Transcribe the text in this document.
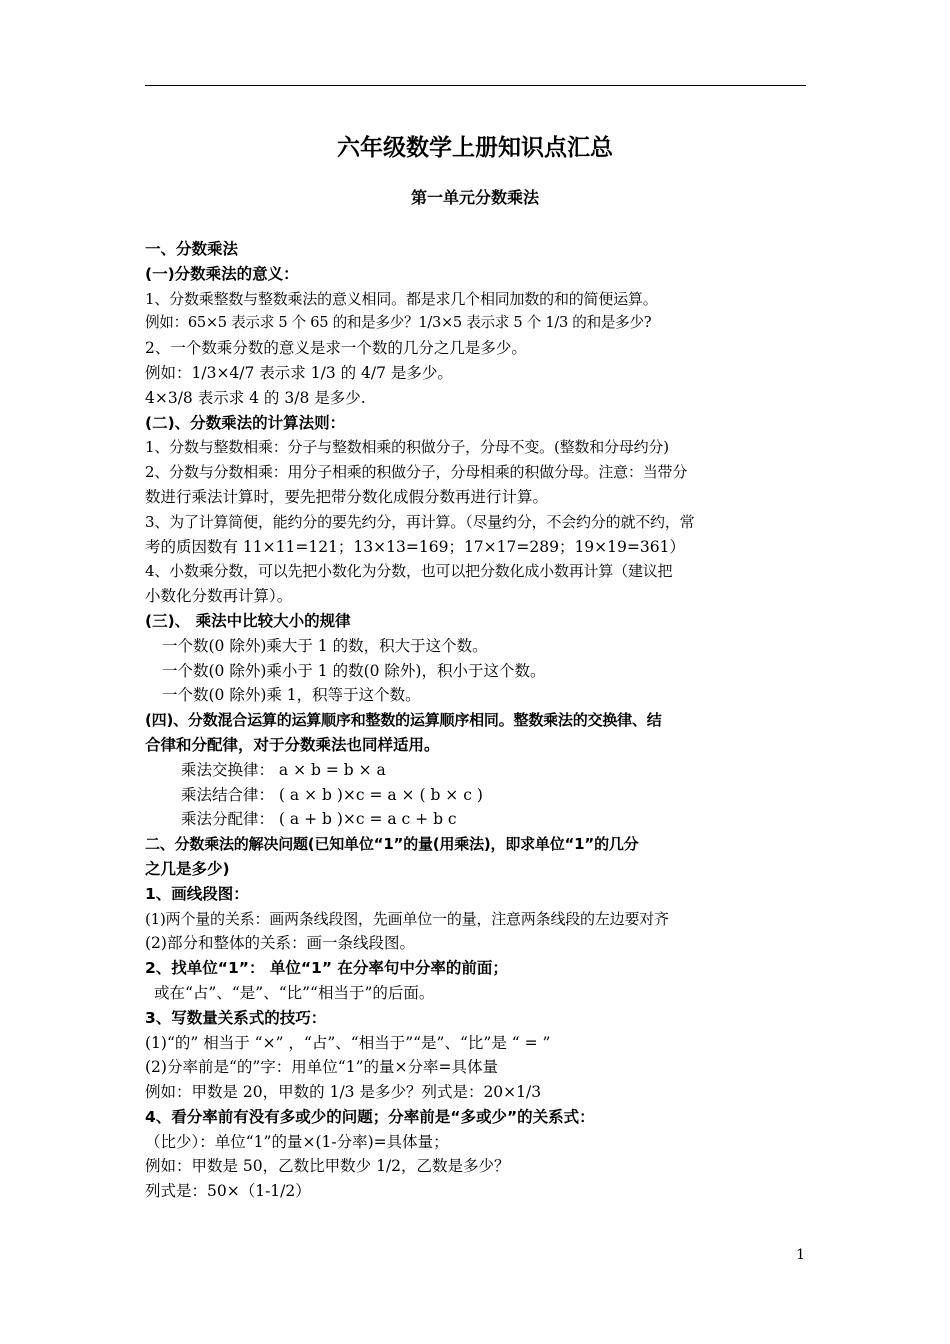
六年级数学上册知识点汇总
第一单元分数乘法
一、分数乘法
(一)分数乘法的意义：
1、分数乘整数与整数乘法的意义相同。都是求几个相同加数的和的简便运算。
例如：65×5 表示求 5 个 65 的和是多少？1/3×5 表示求 5 个 1/3 的和是多少?
2、一个数乘分数的意义是求一个数的几分之几是多少。
例如：1/3×4/7 表示求 1/3 的 4/7 是多少。
4×3/8 表示求 4 的 3/8 是多少.
(二)、分数乘法的计算法则：
1、分数与整数相乘：分子与整数相乘的积做分子，分母不变。(整数和分母约分)
2、分数与分数相乘：用分子相乘的积做分子，分母相乘的积做分母。注意：当带分
数进行乘法计算时，要先把带分数化成假分数再进行计算。
3、为了计算简便，能约分的要先约分，再计算。（尽量约分，不会约分的就不约，常
考的质因数有 11×11=121；13×13=169；17×17=289；19×19=361）
4、小数乘分数，可以先把小数化为分数，也可以把分数化成小数再计算（建议把
小数化分数再计算）。
(三)、 乘法中比较大小的规律
一个数(0 除外)乘大于 1 的数，积大于这个数。
一个数(0 除外)乘小于 1 的数(0 除外)，积小于这个数。
一个数(0 除外)乘 1，积等于这个数。
(四)、分数混合运算的运算顺序和整数的运算顺序相同。整数乘法的交换律、结
合律和分配律，对于分数乘法也同样适用。
乘法交换律： a × b = b × a
乘法结合律： ( a × b )×c = a × ( b × c )
乘法分配律： ( a + b )×c = a c + b c
二、分数乘法的解决问题(已知单位“1”的量(用乘法)，即求单位“1”的几分
之几是多少)
1、画线段图：
(1)两个量的关系：画两条线段图，先画单位一的量，注意两条线段的左边要对齐
(2)部分和整体的关系：画一条线段图。
2、找单位“1”： 单位“1” 在分率句中分率的前面；
或在“占”、“是”、“比”“相当于”的后面。
3、写数量关系式的技巧：
(1)“的” 相当于 “×” ，“占”、“相当于”“是”、“比”是 “ = ”
(2)分率前是“的”字：用单位“1”的量×分率=具体量
例如：甲数是 20，甲数的 1/3 是多少？列式是：20×1/3
4、看分率前有没有多或少的问题；分率前是“多或少”的关系式：
（比少）：单位“1”的量×(1-分率)=具体量；
例如：甲数是 50，乙数比甲数少 1/2，乙数是多少？
列式是：50×（1-1/2）
1
